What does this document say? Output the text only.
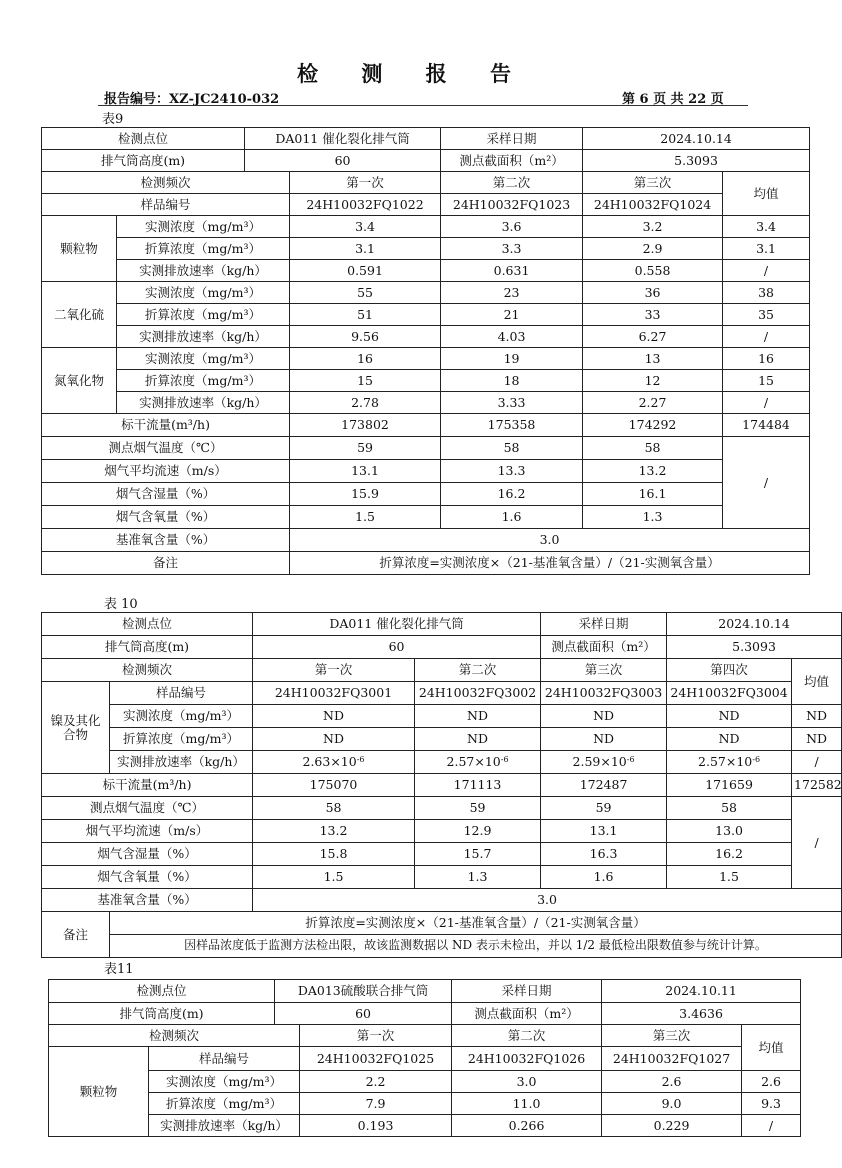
检 测 报 告
报告编号：XZ-JC2410-032	第 6 页 共 22 页
表9
检测点位		DA011 催化裂化排气筒		采样日期	2024.10.14	
排气筒高度(m)		60		测点截面积（m²）	5.3093	
检测频次			第一次	第二次	第三次	均值
样品编号			24H10032FQ1022	24H10032FQ1023	24H10032FQ1024	
颗粒物	实测浓度（mg/m³）		3.4	3.6	3.2	3.4
	折算浓度（mg/m³）		3.1	3.3	2.9	3.1
	实测排放速率（kg/h）		0.591	0.631	0.558	/
二氧化硫	实测浓度（mg/m³）		55	23	36	38
	折算浓度（mg/m³）		51	21	33	35
	实测排放速率（kg/h）		9.56	4.03	6.27	/
氮氧化物	实测浓度（mg/m³）		16	19	13	16
	折算浓度（mg/m³）		15	18	12	15
	实测排放速率（kg/h）		2.78	3.33	2.27	/
标干流量(m³/h)			173802	175358	174292	174484
测点烟气温度（℃）			59	58	58	/
烟气平均流速（m/s）			13.1	13.3	13.2	
烟气含湿量（%）			15.9	16.2	16.1	
烟气含氧量（%）			1.5	1.6	1.3	
基准氧含量（%）			3.0			
备注			折算浓度=实测浓度×（21-基准氧含量）/（21-实测氧含量）			
表 10
检测点位		DA011 催化裂化排气筒		采样日期	2024.10.14	
排气筒高度(m)		60		测点截面积（m²）	5.3093	
检测频次		第一次	第二次	第三次	第四次	均值
镍及其化合物	样品编号	24H10032FQ3001	24H10032FQ3002	24H10032FQ3003	24H10032FQ3004	
	实测浓度（mg/m³）	ND	ND	ND	ND	ND
	折算浓度（mg/m³）	ND	ND	ND	ND	ND
	实测排放速率（kg/h）	$2.63\times 10^{-6}$	$2.57\times 10^{-6}$	$2.59\times 10^{-6}$	$2.57\times 10^{-6}$	/
标干流量(m³/h)		175070	171113	172487	171659	172582
测点烟气温度（℃）		58	59	59	58	/
烟气平均流速（m/s）		13.2	12.9	13.1	13.0	
烟气含湿量（%）		15.8	15.7	16.3	16.2	
烟气含氧量（%）		1.5	1.3	1.6	1.5	
基准氧含量（%）		3.0				
备注	折算浓度=实测浓度×（21-基准氧含量）/（21-实测氧含量）					
	因样品浓度低于监测方法检出限，故该监测数据以 ND 表示未检出，并以 1/2 最低检出限数值参与统计计算。					
表11
检测点位		DA013硫酸联合排气筒		采样日期	2024.10.11	
排气筒高度(m)		60		测点截面积（m²）	3.4636	
检测频次			第一次	第二次	第三次	均值
颗粒物	样品编号		24H10032FQ1025	24H10032FQ1026	24H10032FQ1027	
	实测浓度（mg/m³）		2.2	3.0	2.6	2.6
	折算浓度（mg/m³）		7.9	11.0	9.0	9.3
	实测排放速率（kg/h）		0.193	0.266	0.229	/
